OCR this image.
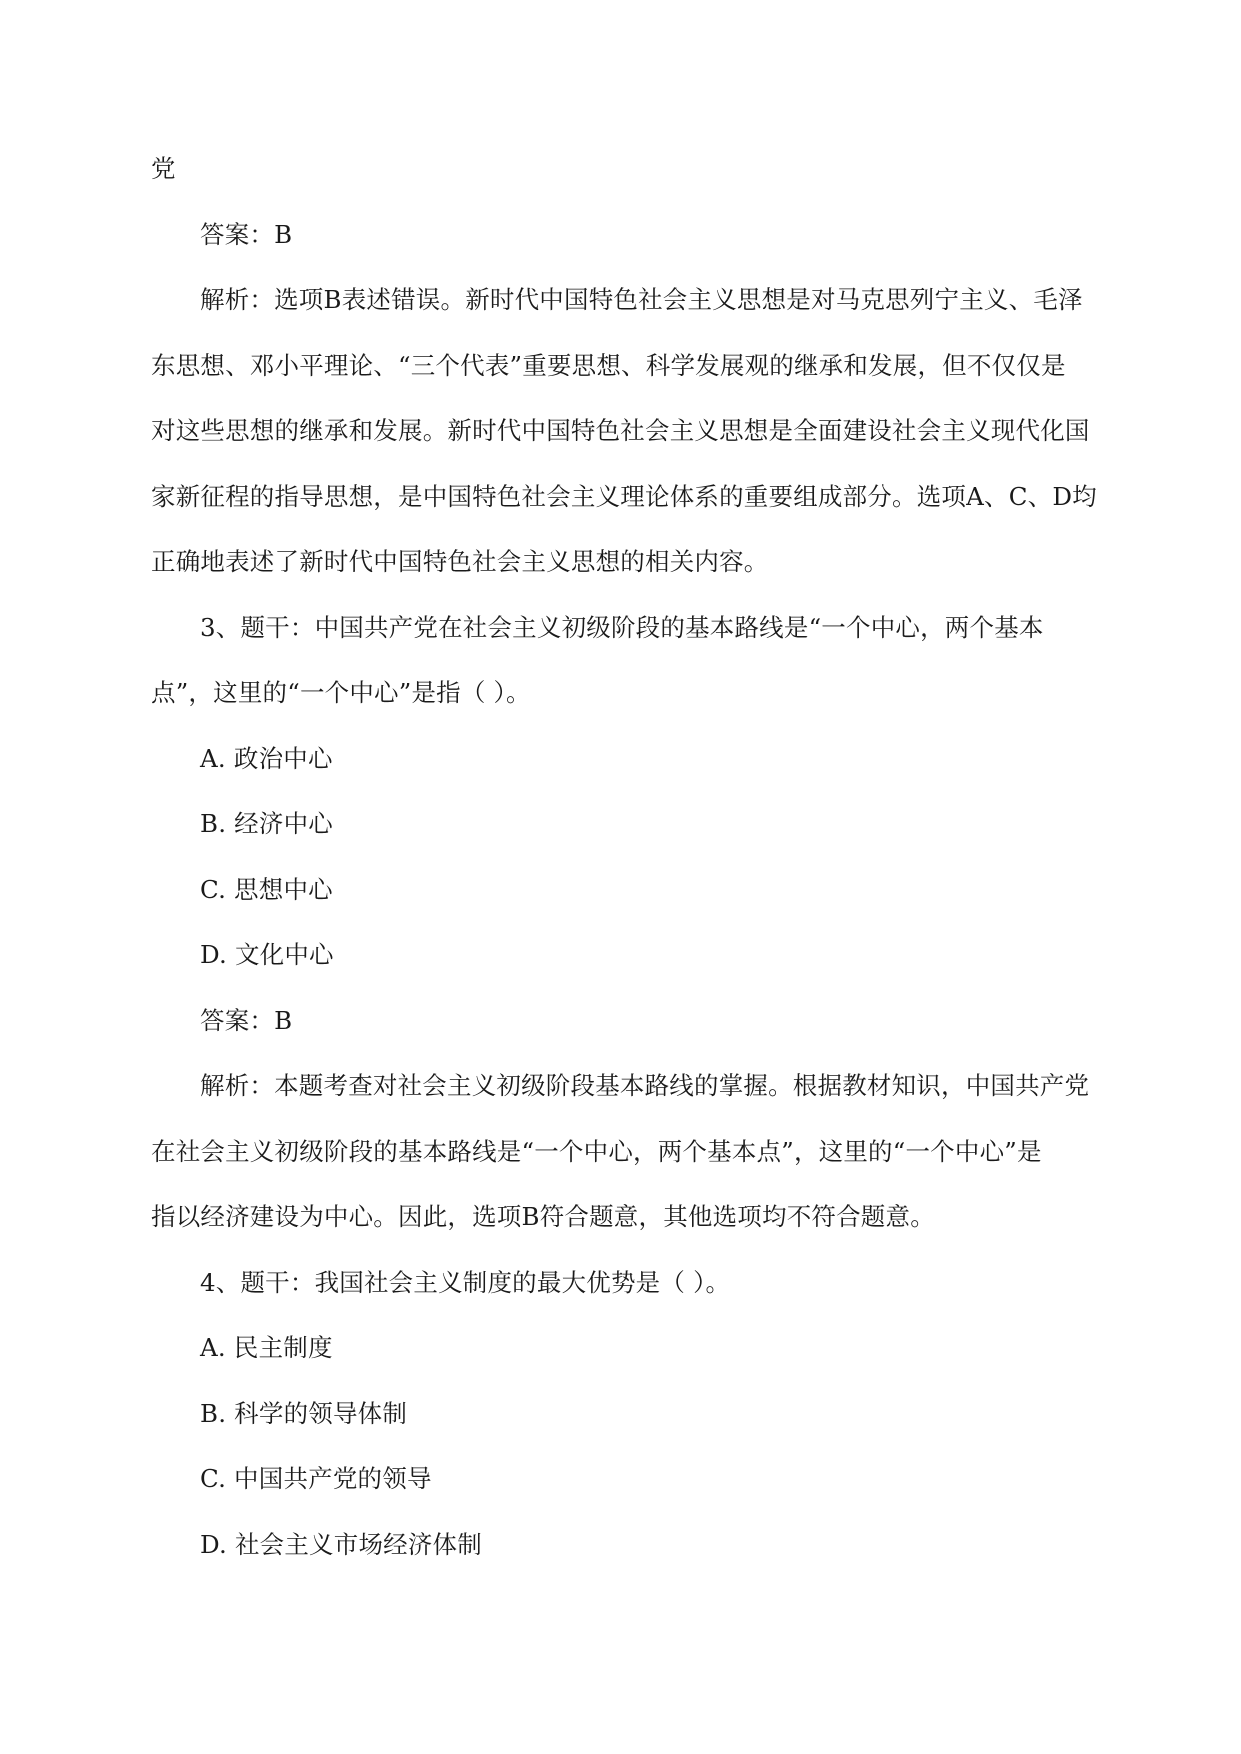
党

答案：B

解析：选项B表述错误。新时代中国特色社会主义思想是对马克思列宁主义、毛泽

东思想、邓小平理论、“三个代表”重要思想、科学发展观的继承和发展，但不仅仅是

对这些思想的继承和发展。新时代中国特色社会主义思想是全面建设社会主义现代化国

家新征程的指导思想，是中国特色社会主义理论体系的重要组成部分。选项A、C、D均

正确地表述了新时代中国特色社会主义思想的相关内容。

3、题干：中国共产党在社会主义初级阶段的基本路线是“一个中心，两个基本

点”，这里的“一个中心”是指（ ）。

A. 政治中心

B. 经济中心

C. 思想中心

D. 文化中心

答案：B

解析：本题考查对社会主义初级阶段基本路线的掌握。根据教材知识，中国共产党

在社会主义初级阶段的基本路线是“一个中心，两个基本点”，这里的“一个中心”是

指以经济建设为中心。因此，选项B符合题意，其他选项均不符合题意。

4、题干：我国社会主义制度的最大优势是（ ）。

A. 民主制度

B. 科学的领导体制

C. 中国共产党的领导

D. 社会主义市场经济体制
